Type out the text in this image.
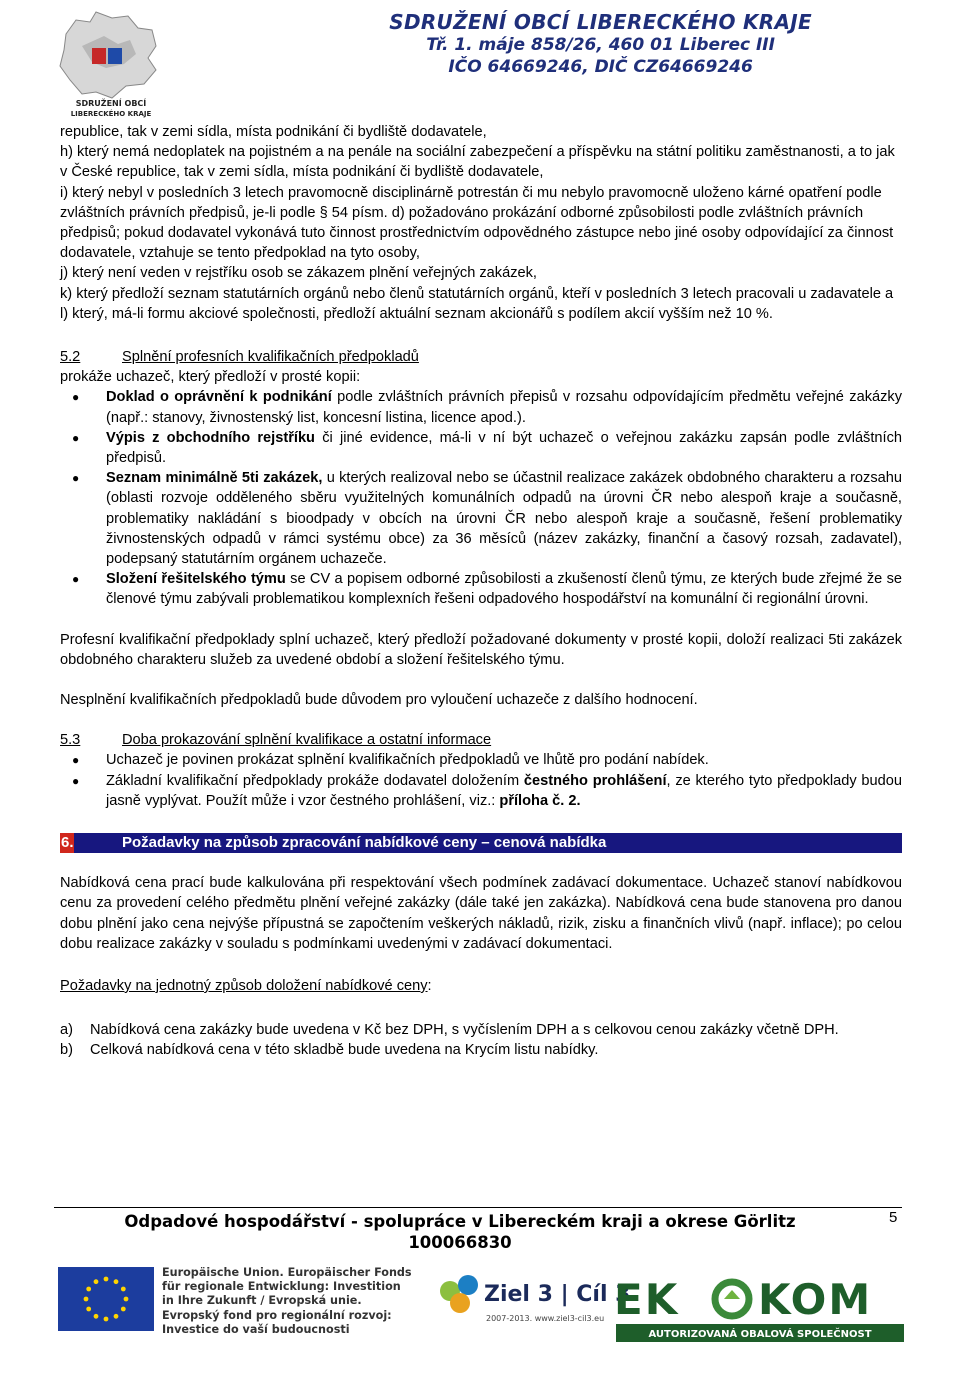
SDRUŽENÍ OBCÍ
LIBERECKÉHO KRAJE
SDRUŽENÍ OBCÍ LIBERECKÉHO KRAJE
Tř. 1. máje 858/26, 460 01 Liberec III
IČO 64669246, DIČ CZ64669246

republice, tak v zemi sídla, místa podnikání či bydliště dodavatele,

h) který nemá nedoplatek na pojistném a na penále na sociální zabezpečení a příspěvku na státní politiku zaměstnanosti, a to jak v České republice, tak v zemi sídla, místa podnikání či bydliště dodavatele,

i) který nebyl v posledních 3 letech pravomocně disciplinárně potrestán či mu nebylo pravomocně uloženo kárné opatření podle zvláštních právních předpisů, je-li podle § 54 písm. d) požadováno prokázání odborné způsobilosti podle zvláštních právních předpisů; pokud dodavatel vykonává tuto činnost prostřednictvím odpovědného zástupce nebo jiné osoby odpovídající za činnost dodavatele, vztahuje se tento předpoklad na tyto osoby,

j) který není veden v rejstříku osob se zákazem plnění veřejných zakázek,

k) který předloží seznam statutárních orgánů nebo členů statutárních orgánů, kteří v posledních 3 letech pracovali u zadavatele a

l) který, má-li formu akciové společnosti, předloží aktuální seznam akcionářů s podílem akcií vyšším než 10 %.

5.2	Splnění profesních kvalifikačních předpokladů

prokáže uchazeč, který předloží v prosté kopii:

● Doklad o oprávnění k podnikání podle zvláštních právních přepisů v rozsahu odpovídajícím předmětu veřejné zakázky (např.: stanovy, živnostenský list, koncesní listina, licence apod.).
● Výpis z obchodního rejstříku či jiné evidence, má-li v ní být uchazeč o veřejnou zakázku zapsán podle zvláštních předpisů.
● Seznam minimálně 5ti zakázek, u kterých realizoval nebo se účastnil realizace zakázek obdobného charakteru a rozsahu (oblasti rozvoje odděleného sběru využitelných komunálních odpadů na úrovni ČR nebo alespoň kraje a současně, problematiky nakládání s bioodpady v obcích na úrovni ČR nebo alespoň kraje a současně, řešení problematiky živnostenských odpadů v rámci systému obce) za 36 měsíců (název zakázky, finanční a časový rozsah, zadavatel), podepsaný statutárním orgánem uchazeče.
● Složení řešitelského týmu se CV a popisem odborné způsobilosti a zkušeností členů týmu, ze kterých bude zřejmé že se členové týmu zabývali problematikou komplexních řešeni odpadového hospodářství na komunální či regionální úrovni.

Profesní kvalifikační předpoklady splní uchazeč, který předloží požadované dokumenty v prosté kopii, doloží realizaci 5ti zakázek obdobného charakteru služeb za uvedené období a složení řešitelského týmu.

Nesplnění kvalifikačních předpokladů bude důvodem pro vyloučení uchazeče z dalšího hodnocení.

5.3	Doba prokazování splnění kvalifikace a ostatní informace

● Uchazeč je povinen prokázat splnění kvalifikačních předpokladů ve lhůtě pro podání nabídek.
● Základní kvalifikační předpoklady prokáže dodavatel doložením čestného prohlášení, ze kterého tyto předpoklady budou jasně vyplývat. Použít může i vzor čestného prohlášení, viz.: příloha č. 2.
6.	Požadavky na způsob zpracování nabídkové ceny – cenová nabídka

Nabídková cena prací bude kalkulována při respektování všech podmínek zadávací dokumentace. Uchazeč stanoví nabídkovou cenu za provedení celého předmětu plnění veřejné zakázky (dále také jen zakázka). Nabídková cena bude stanovena pro danou dobu plnění jako cena nejvýše přípustná se započtením veškerých nákladů, rizik, zisku a finančních vlivů (např. inflace); po celou dobu realizace zakázky v souladu s podmínkami uvedenými v zadávací dokumentaci.

Požadavky na jednotný způsob doložení nabídkové ceny:

a) Nabídková cena zakázky bude uvedena v Kč bez DPH, s vyčíslením DPH a s celkovou cenou zakázky včetně DPH.
b) Celková nabídková cena v této skladbě bude uvedena na Krycím listu nabídky.
Odpadové hospodářství - spolupráce v Libereckém kraji a okrese Görlitz
100066830
5
Europäische Union. Europäischer Fonds für regionale Entwicklung: Investition in Ihre Zukunft / Evropská unie. Evropský fond pro regionální rozvoj: Investice do vaší budoucnosti
Ziel 3 | Cíl 3
2007-2013. www.ziel3-cil3.eu EK KOM
AUTORIZOVANÁ OBALOVÁ SPOLEČNOST
